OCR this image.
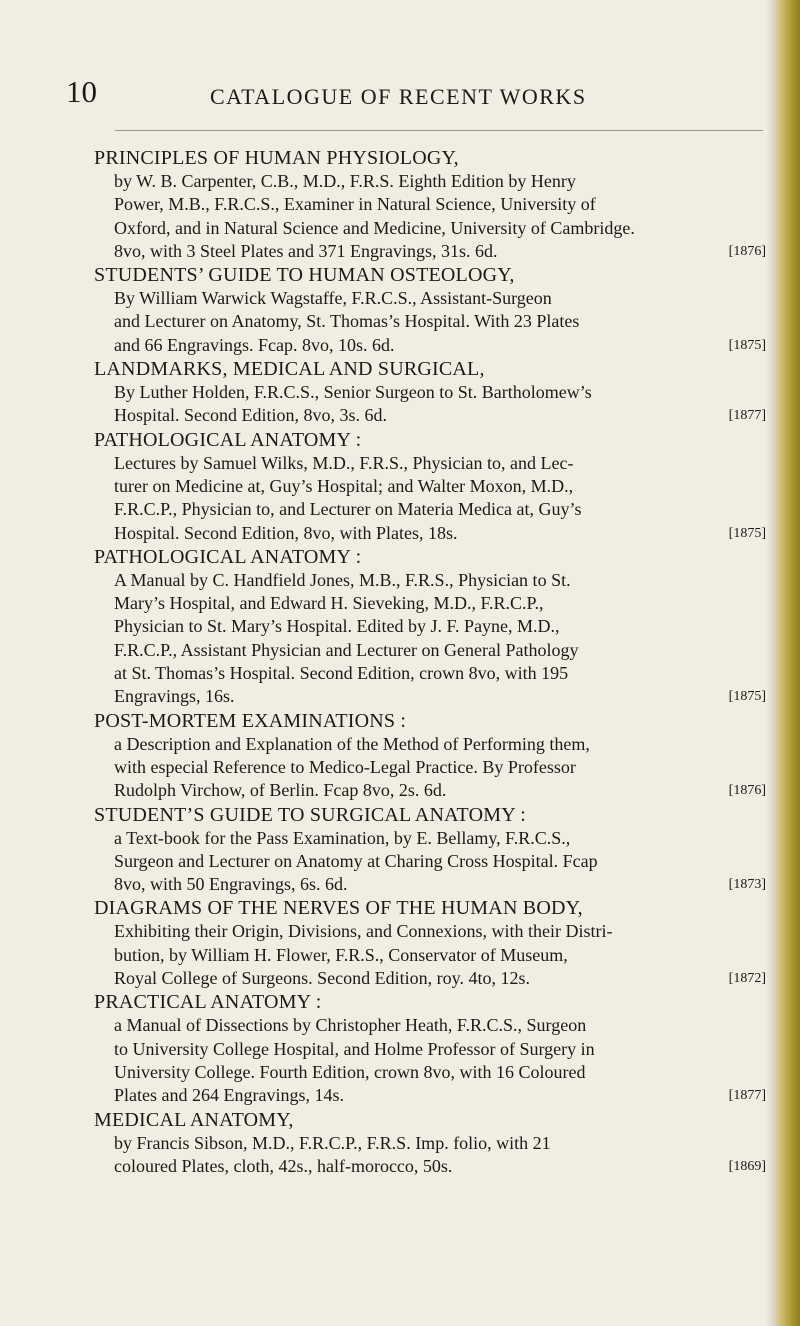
10	CATALOGUE OF RECENT WORKS

PRINCIPLES OF HUMAN PHYSIOLOGY,

by W. B. Carpenter, C.B., M.D., F.R.S. Eighth Edition by Henry
Power, M.B., F.R.C.S., Examiner in Natural Science, University of
Oxford, and in Natural Science and Medicine, University of Cambridge.
[1876]
8vo, with 3 Steel Plates and 371 Engravings, 31s. 6d.

STUDENTS’ GUIDE TO HUMAN OSTEOLOGY,

By William Warwick Wagstaffe, F.R.C.S., Assistant-Surgeon
and Lecturer on Anatomy, St. Thomas’s Hospital. With 23 Plates
[1875]
and 66 Engravings. Fcap. 8vo, 10s. 6d.

LANDMARKS, MEDICAL AND SURGICAL,

By Luther Holden, F.R.C.S., Senior Surgeon to St. Bartholomew’s
[1877]
Hospital. Second Edition, 8vo, 3s. 6d.

PATHOLOGICAL ANATOMY :

Lectures by Samuel Wilks, M.D., F.R.S., Physician to, and Lec-
turer on Medicine at, Guy’s Hospital; and Walter Moxon, M.D.,
F.R.C.P., Physician to, and Lecturer on Materia Medica at, Guy’s
[1875]
Hospital. Second Edition, 8vo, with Plates, 18s.

PATHOLOGICAL ANATOMY :

A Manual by C. Handfield Jones, M.B., F.R.S., Physician to St.
Mary’s Hospital, and Edward H. Sieveking, M.D., F.R.C.P.,
Physician to St. Mary’s Hospital. Edited by J. F. Payne, M.D.,
F.R.C.P., Assistant Physician and Lecturer on General Pathology
at St. Thomas’s Hospital. Second Edition, crown 8vo, with 195
[1875]
Engravings, 16s.

POST-MORTEM EXAMINATIONS :

a Description and Explanation of the Method of Performing them,
with especial Reference to Medico-Legal Practice. By Professor
[1876]
Rudolph Virchow, of Berlin. Fcap 8vo, 2s. 6d.

STUDENT’S GUIDE TO SURGICAL ANATOMY :

a Text-book for the Pass Examination, by E. Bellamy, F.R.C.S.,
Surgeon and Lecturer on Anatomy at Charing Cross Hospital. Fcap
[1873]
8vo, with 50 Engravings, 6s. 6d.

DIAGRAMS OF THE NERVES OF THE HUMAN BODY,

Exhibiting their Origin, Divisions, and Connexions, with their Distri-
bution, by William H. Flower, F.R.S., Conservator of Museum,
[1872]
Royal College of Surgeons. Second Edition, roy. 4to, 12s.

PRACTICAL ANATOMY :

a Manual of Dissections by Christopher Heath, F.R.C.S., Surgeon
to University College Hospital, and Holme Professor of Surgery in
University College. Fourth Edition, crown 8vo, with 16 Coloured
[1877]
Plates and 264 Engravings, 14s.

MEDICAL ANATOMY,

by Francis Sibson, M.D., F.R.C.P., F.R.S. Imp. folio, with 21
[1869]
coloured Plates, cloth, 42s., half-morocco, 50s.
